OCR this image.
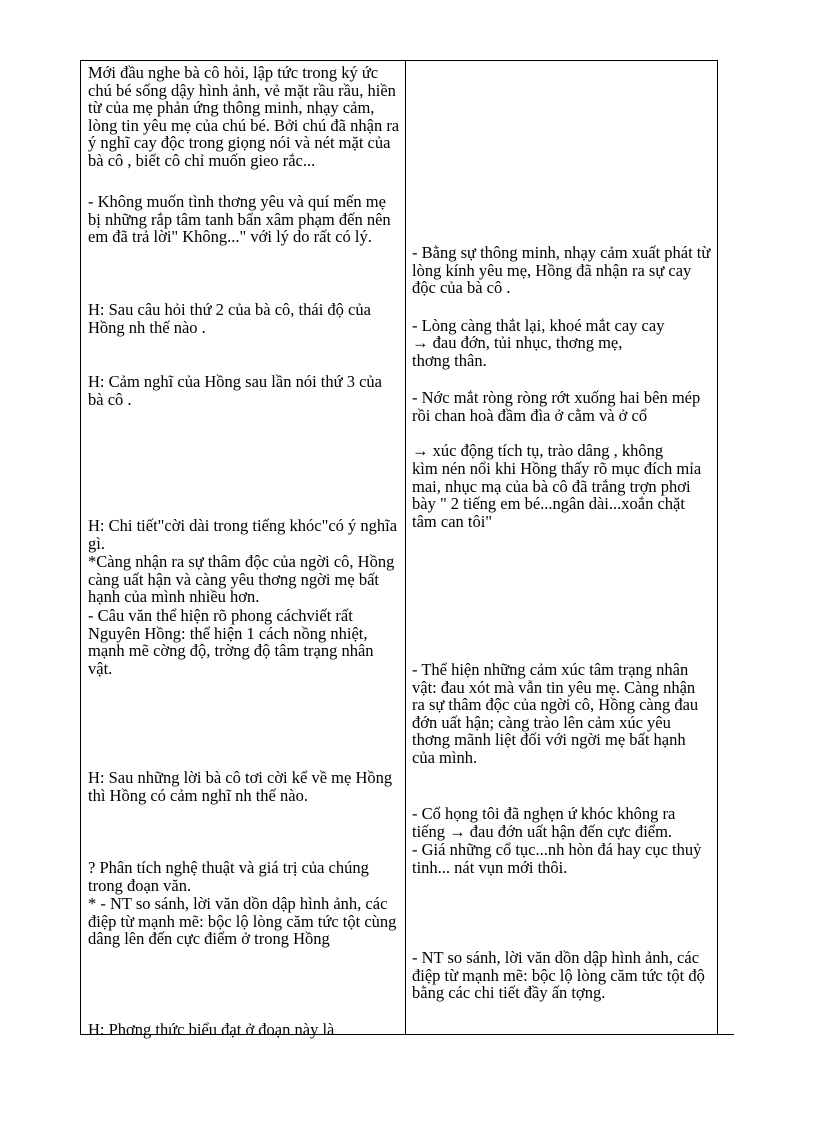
Mới đầu nghe bà cô hỏi, lập tức trong ký ức chú bé sống dậy hình ảnh, vẻ mặt rầu rầu, hiền từ của mẹ phản ứng thông minh, nhạy cảm, lòng tin yêu mẹ của chú bé. Bởi chú đã nhận ra ý nghĩ cay độc trong giọng nói và nét mặt của bà cô , biết cô chỉ muốn gieo rắc...

- Không muốn tình thơng yêu và quí mến mẹ bị những rắp tâm tanh bẩn xâm phạm đến nên em đã trả lời" Không..." với lý do rất có lý.

H: Sau câu hỏi thứ 2 của bà cô, thái độ của Hồng nh thế nào .

H: Cảm nghĩ của Hồng sau lần nói thứ 3 của bà cô .

H: Chi tiết"cời dài trong tiếng khóc"có ý nghĩa gì.

*Càng nhận ra sự thâm độc của ngời cô, Hồng càng uất hận và càng yêu thơng ngời mẹ bất hạnh của mình nhiều hơn.

- Câu văn thể hiện rõ phong cáchviết rất Nguyên Hồng: thể hiện 1 cách nồng nhiệt, mạnh mẽ cờng độ, trờng độ tâm trạng nhân vật.

H: Sau những lời bà cô tơi cời kể về mẹ Hồng thì Hồng có cảm nghĩ nh thế nào.

? Phân tích nghệ thuật và giá trị của chúng trong đoạn văn.

* - NT so sánh, lời văn dồn dập hình ảnh, các điệp từ mạnh mẽ: bộc lộ lòng căm tức tột cùng dâng lên đến cực điểm ở trong Hồng

H: Phơng thức biểu đạt ở đoạn này là

- Bằng sự thông minh, nhạy cảm xuất phát từ lòng kính yêu mẹ, Hồng đã nhận ra sự cay độc của bà cô .

- Lòng càng thắt lại, khoé mắt cay cay

→ đau đớn, tủi nhục, thơng mẹ,

thơng thân.

- Nớc mắt ròng ròng rớt xuống hai bên mép rồi chan hoà đầm đìa ở cằm và ở cổ

→ xúc động tích tụ, trào dâng , không

kìm nén nổi khi Hồng thấy rõ mục đích mỉa mai, nhục mạ của bà cô đã trắng trợn phơi bày " 2 tiếng em bé...ngân dài...xoắn chặt tâm can tôi"

- Thể hiện những cảm xúc tâm trạng nhân vật: đau xót mà vẫn tin yêu mẹ. Càng nhận ra sự thâm độc của ngời cô, Hồng càng đau đớn uất hận; càng trào lên cảm xúc yêu thơng mãnh liệt đối với ngời mẹ bất hạnh của mình.

- Cổ họng tôi đã nghẹn ứ khóc không ra

tiếng → đau đớn uất hận đến cực điểm.

- Giá những cổ tục...nh hòn đá hay cục thuỷ tinh... nát vụn mới thôi.

- NT so sánh, lời văn dồn dập hình ảnh, các điệp từ mạnh mẽ: bộc lộ lòng căm tức tột độ bằng các chi tiết đầy ấn tợng.
